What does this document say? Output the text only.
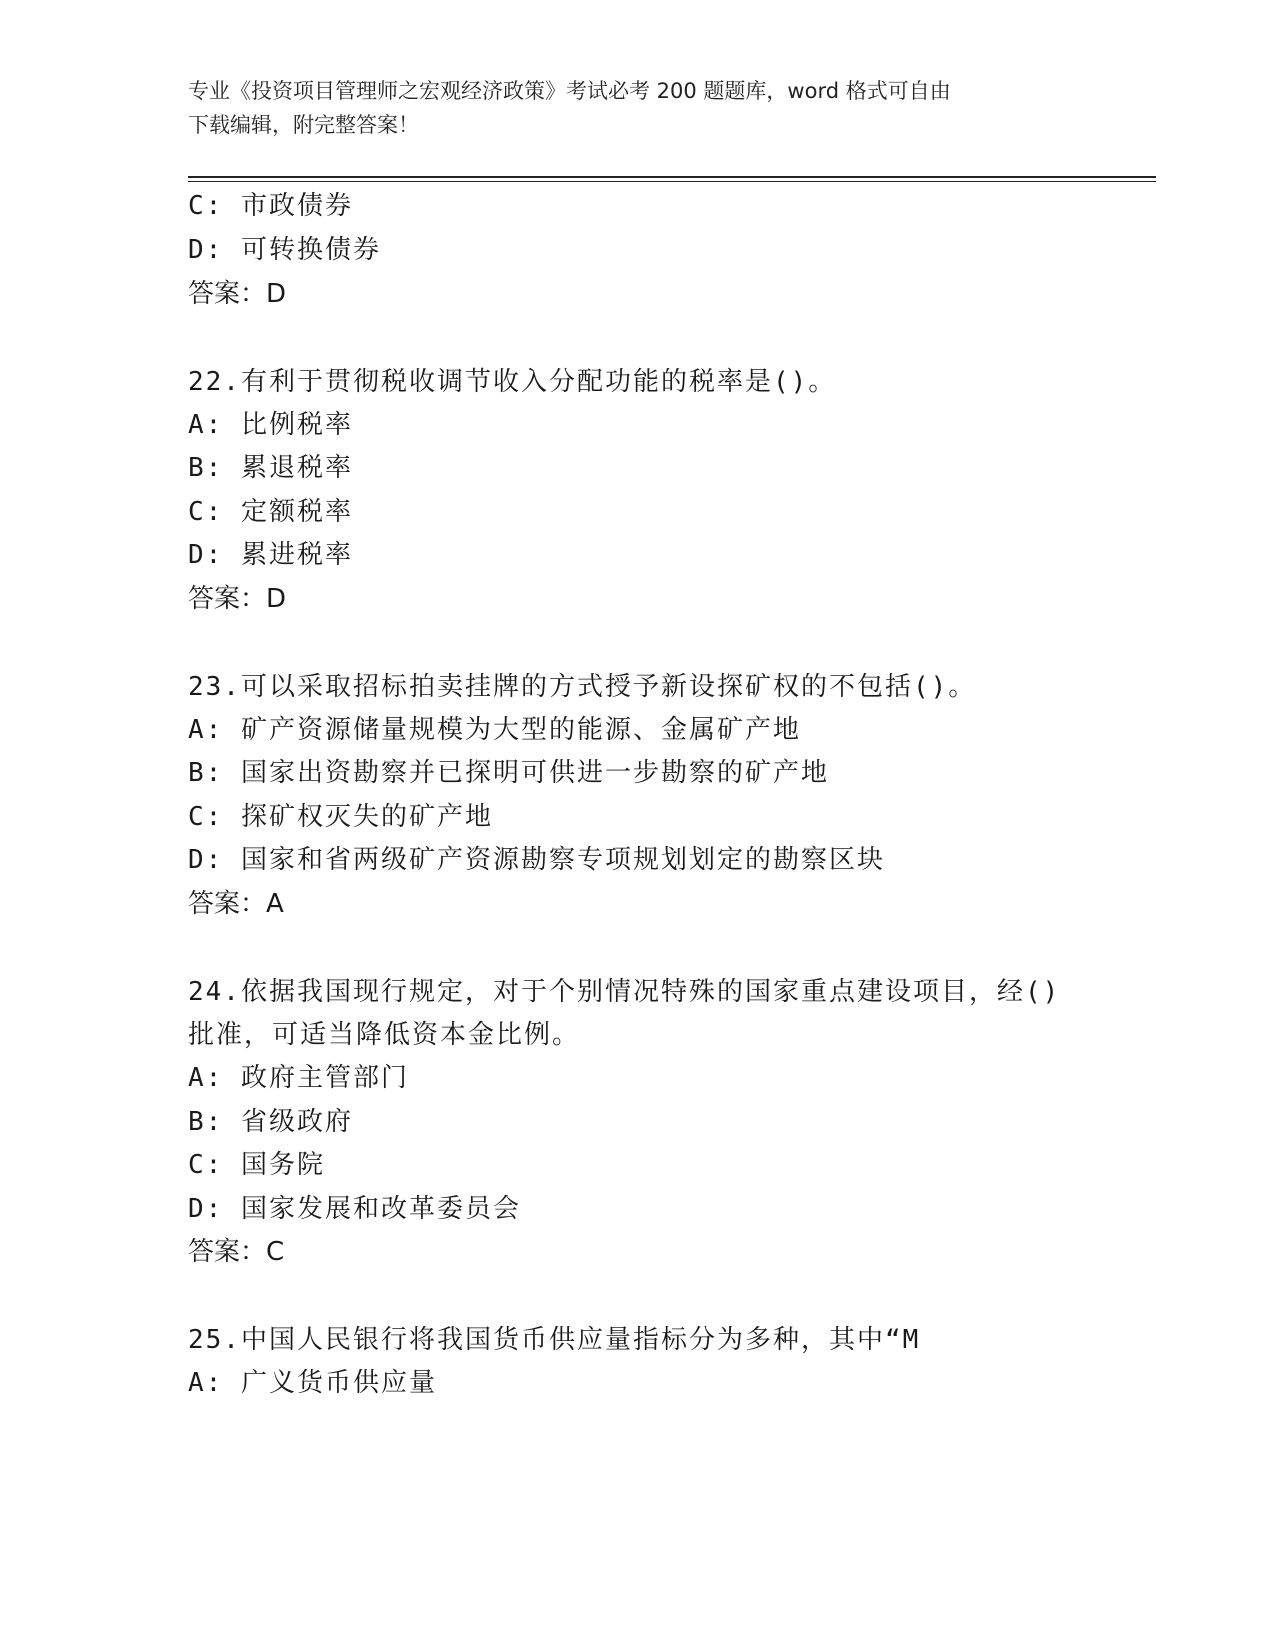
专业《投资项目管理师之宏观经济政策》考试必考 200 题题库，word 格式可自由
下载编辑，附完整答案！
C: 市政债券
D: 可转换债券
答案：D
22.有利于贯彻税收调节收入分配功能的税率是()。
A: 比例税率
B: 累退税率
C: 定额税率
D: 累进税率
答案：D
23.可以采取招标拍卖挂牌的方式授予新设探矿权的不包括()。
A: 矿产资源储量规模为大型的能源、金属矿产地
B: 国家出资勘察并已探明可供进一步勘察的矿产地
C: 探矿权灭失的矿产地
D: 国家和省两级矿产资源勘察专项规划划定的勘察区块
答案：A
24.依据我国现行规定，对于个别情况特殊的国家重点建设项目，经()
批准，可适当降低资本金比例。
A: 政府主管部门
B: 省级政府
C: 国务院
D: 国家发展和改革委员会
答案：C
25.中国人民银行将我国货币供应量指标分为多种，其中“M
A: 广义货币供应量
